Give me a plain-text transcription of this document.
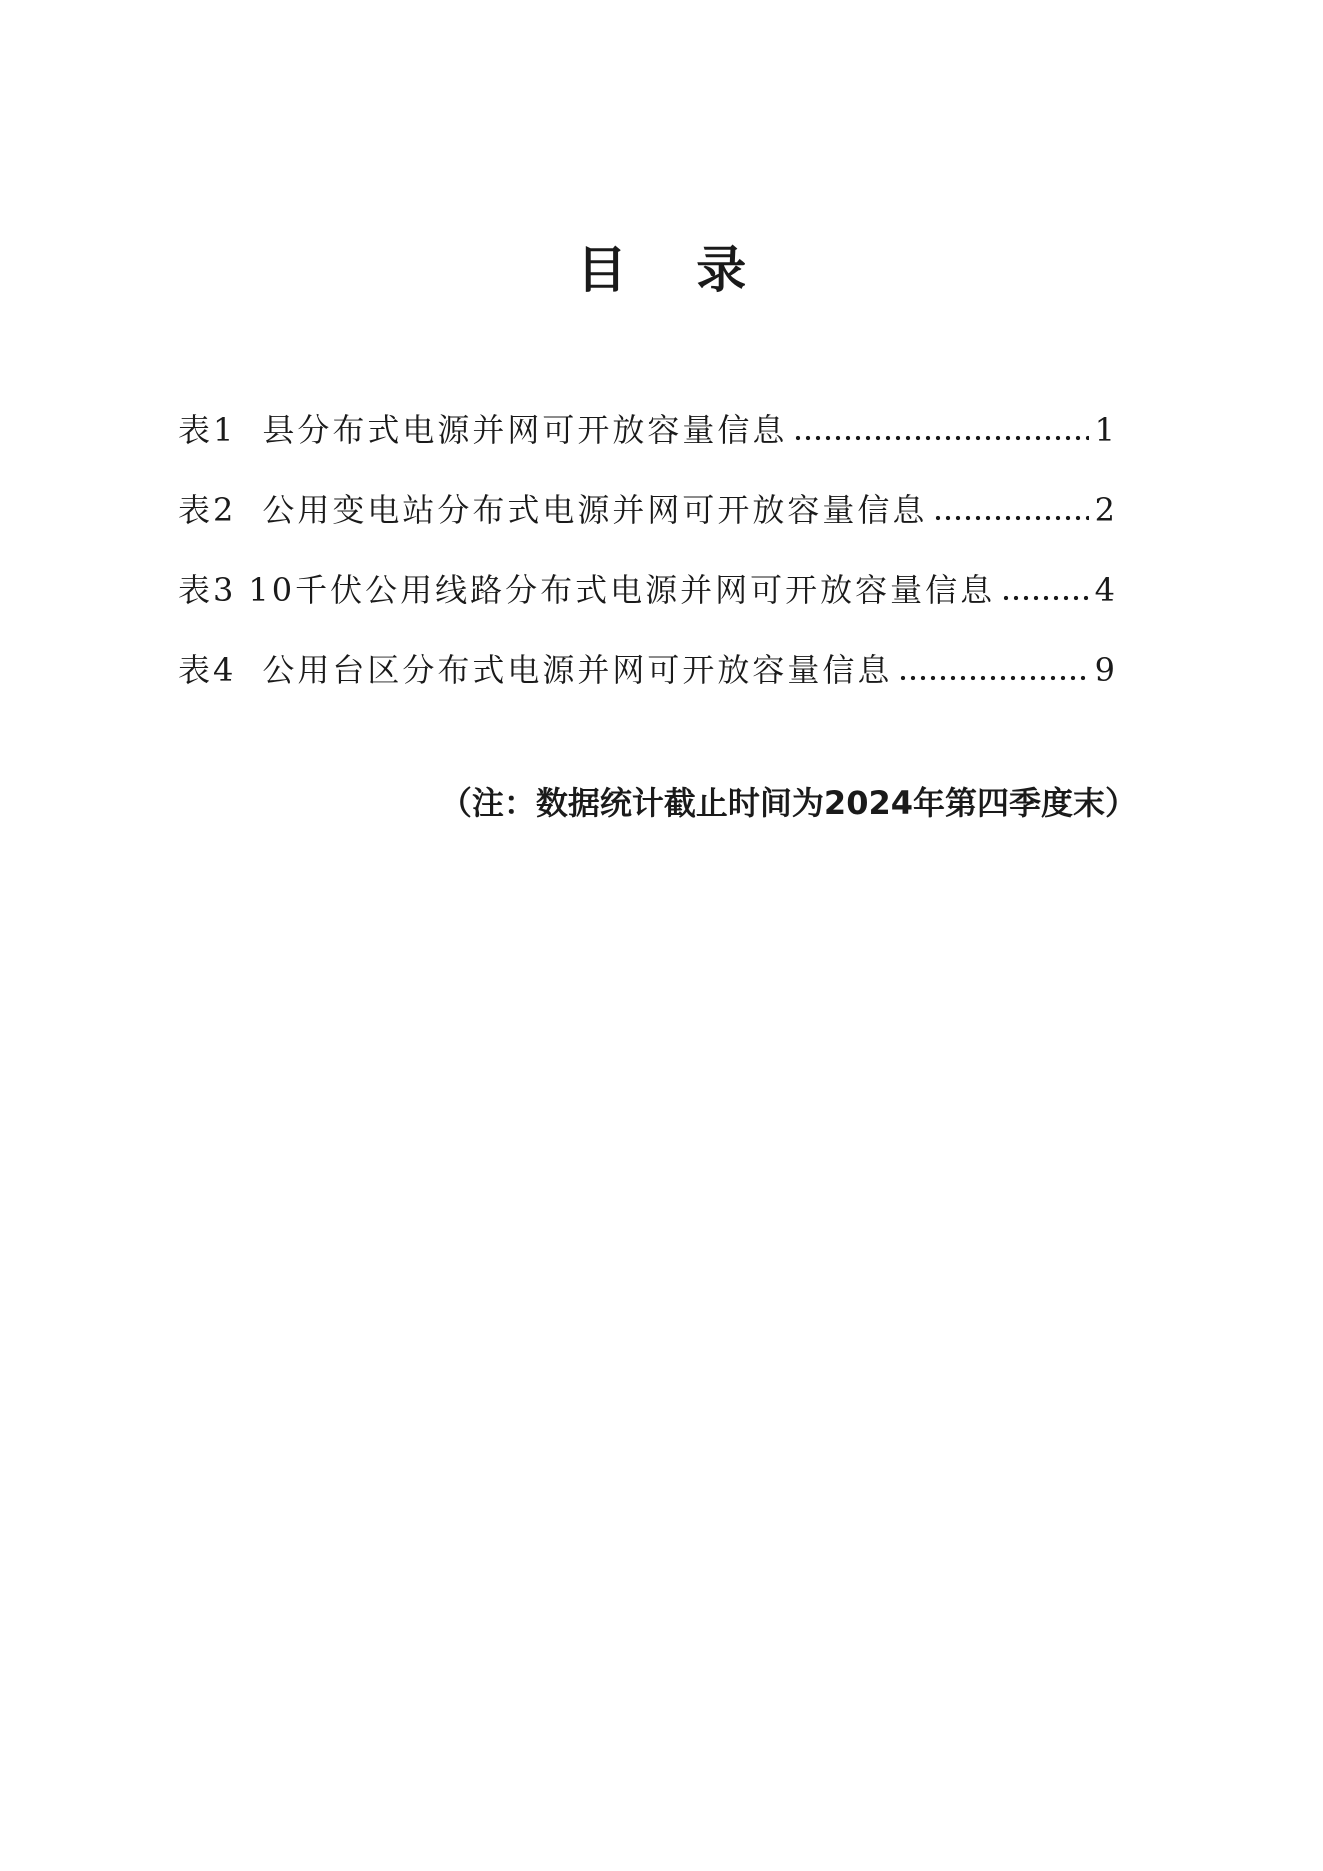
目 录
表1 县分布式电源并网可开放容量信息	1
表2 公用变电站分布式电源并网可开放容量信息	2
表3 10千伏公用线路分布式电源并网可开放容量信息	4
表4 公用台区分布式电源并网可开放容量信息	9
（注：数据统计截止时间为2024年第四季度末）
